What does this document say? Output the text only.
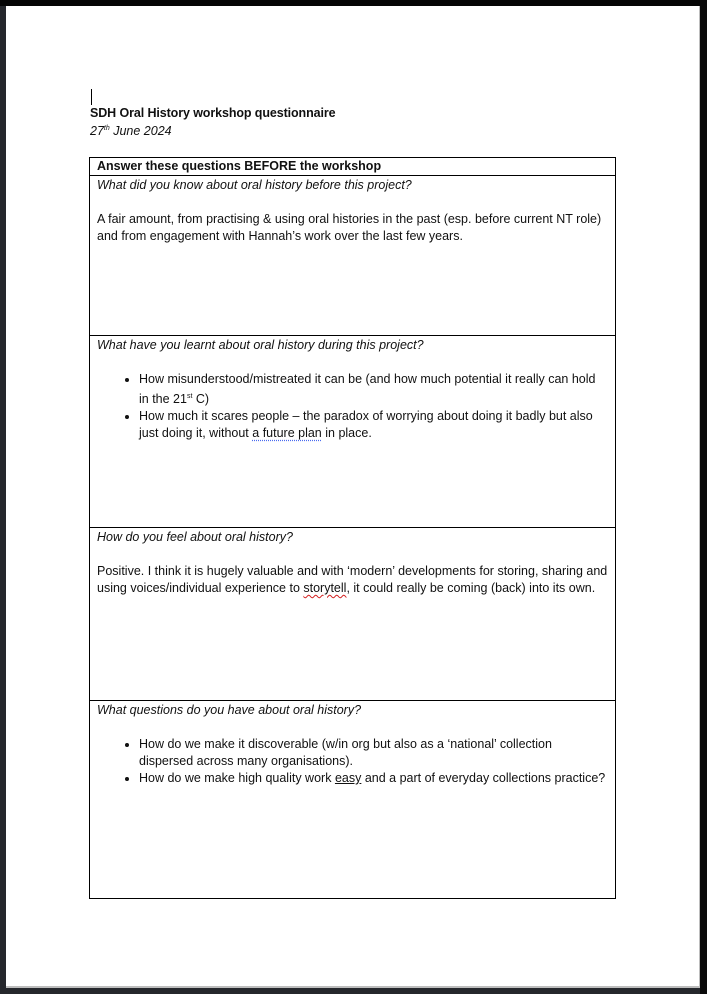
SDH Oral History workshop questionnaire
27th June 2024
Answer these questions BEFORE the workshop

What did you know about oral history before this project?
A fair amount, from practising & using oral histories in the past (esp. before current NT role) and from engagement with Hannah’s work over the last few years.

What have you learnt about oral history during this project?
• How misunderstood/mistreated it can be (and how much potential it really can hold in the 21st C)
• How much it scares people – the paradox of worrying about doing it badly but also just doing it, without a future plan in place.

How do you feel about oral history?
Positive. I think it is hugely valuable and with ‘modern’ developments for storing, sharing and using voices/individual experience to storytell, it could really be coming (back) into its own.

What questions do you have about oral history?
• How do we make it discoverable (w/in org but also as a ‘national’ collection dispersed across many organisations).
• How do we make high quality work easy and a part of everyday collections practice?
